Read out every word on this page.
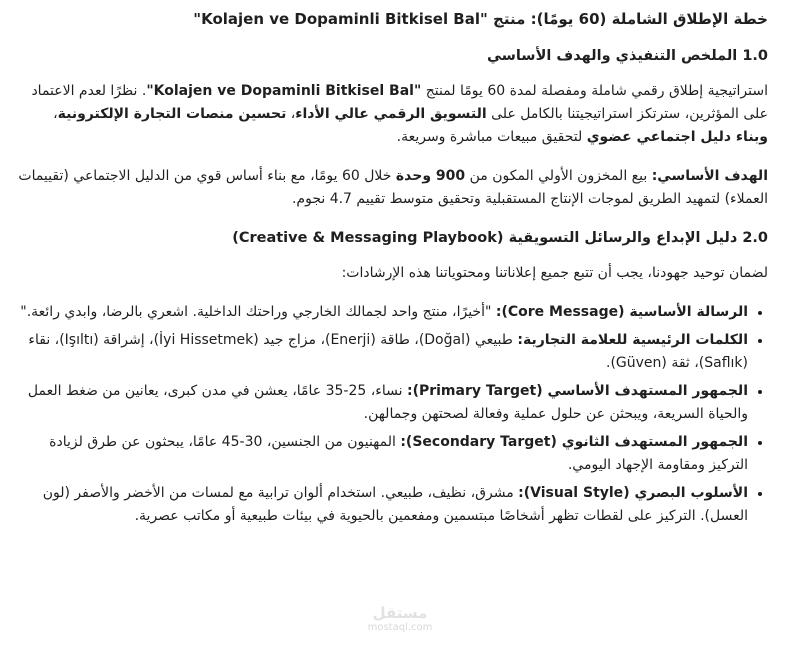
خطة الإطلاق الشاملة (60 يومًا): منتج "Kolajen ve Dopaminli Bitkisel Bal"
1.0 الملخص التنفيذي والهدف الأساسي

استراتيجية إطلاق رقمي شاملة ومفصلة لمدة 60 يومًا لمنتج "Kolajen ve Dopaminli Bitkisel Bal". نظرًا لعدم الاعتماد على المؤثرين، سترتكز استراتيجيتنا بالكامل على التسويق الرقمي عالي الأداء، تحسين منصات التجارة الإلكترونية، وبناء دليل اجتماعي عضوي لتحقيق مبيعات مباشرة وسريعة.

الهدف الأساسي: بيع المخزون الأولي المكون من 900 وحدة خلال 60 يومًا، مع بناء أساس قوي من الدليل الاجتماعي (تقييمات العملاء) لتمهيد الطريق لموجات الإنتاج المستقبلية وتحقيق متوسط تقييم 4.7 نجوم.

2.0 دليل الإبداع والرسائل التسويقية (Creative & Messaging Playbook)

لضمان توحيد جهودنا، يجب أن تتبع جميع إعلاناتنا ومحتوياتنا هذه الإرشادات:

• الرسالة الأساسية (Core Message): "أخيرًا، منتج واحد لجمالك الخارجي وراحتك الداخلية. اشعري بالرضا، وابدي رائعة."
• الكلمات الرئيسية للعلامة التجارية: طبيعي (Doğal)، طاقة (Enerji)، مزاج جيد (İyi Hissetmek)، إشراقة (Işıltı)، نقاء (Saflık)، ثقة (Güven).
• الجمهور المستهدف الأساسي (Primary Target): نساء، 25-35 عامًا، يعشن في مدن كبرى، يعانين من ضغط العمل والحياة السريعة، ويبحثن عن حلول عملية وفعالة لصحتهن وجمالهن.
• الجمهور المستهدف الثانوي (Secondary Target): المهنيون من الجنسين، 30-45 عامًا، يبحثون عن طرق لزيادة التركيز ومقاومة الإجهاد اليومي.
• الأسلوب البصري (Visual Style): مشرق، نظيف، طبيعي. استخدام ألوان ترابية مع لمسات من الأخضر والأصفر (لون العسل). التركيز على لقطات تظهر أشخاصًا مبتسمين ومفعمين بالحيوية في بيئات طبيعية أو مكاتب عصرية.
مستقل
mostaql.com
